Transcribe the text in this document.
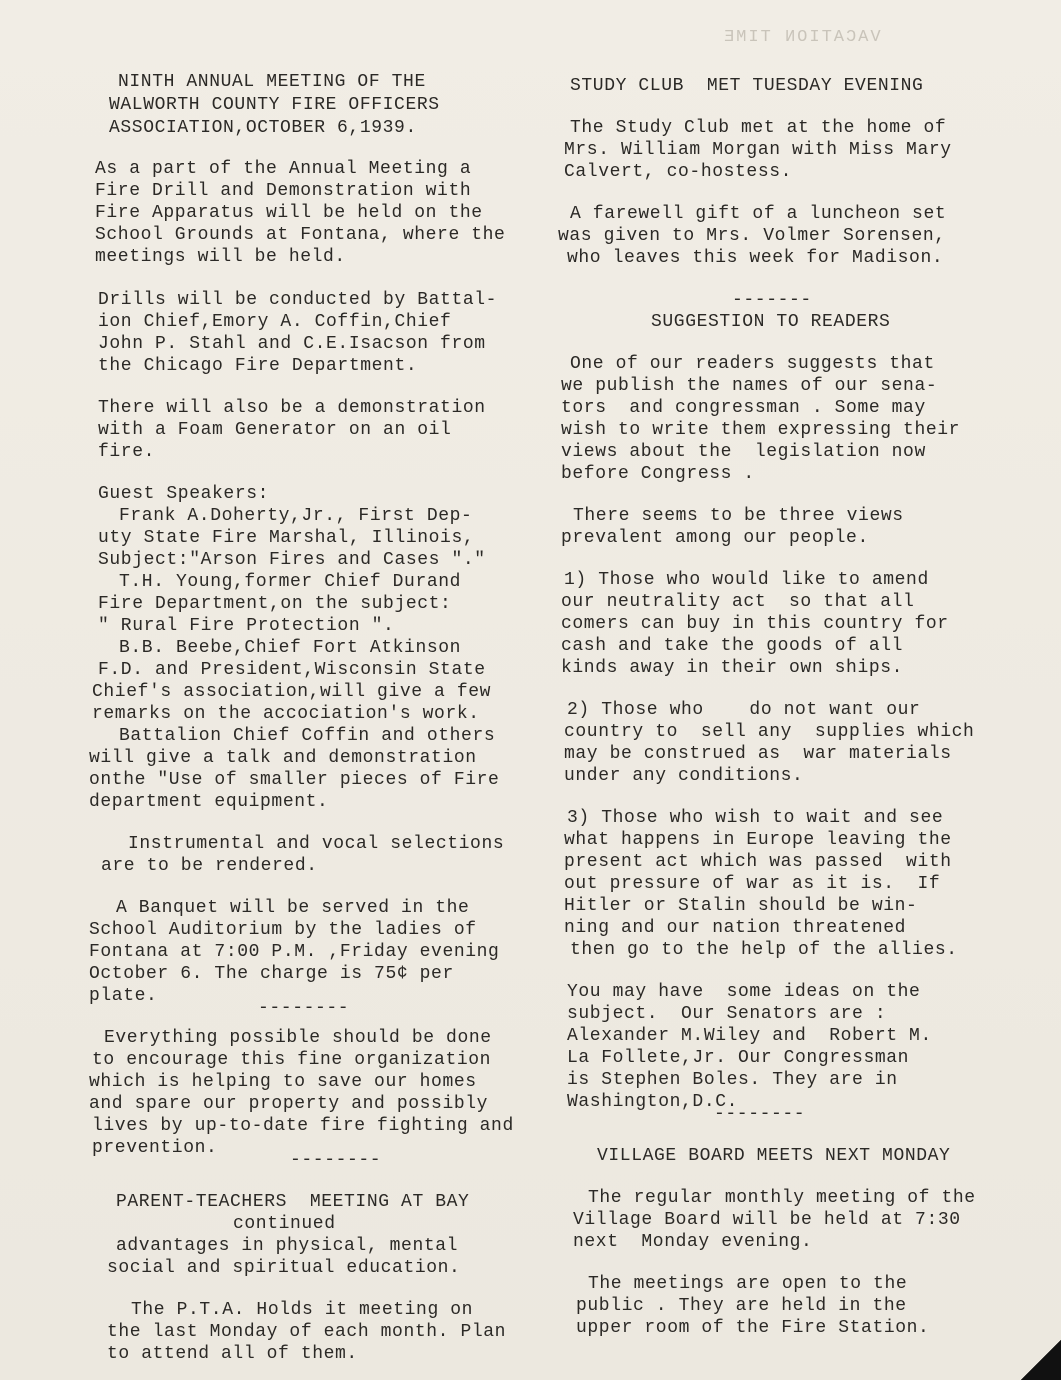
VACATION TIME
NINTH ANNUAL MEETING OF THE
WALWORTH COUNTY FIRE OFFICERS
ASSOCIATION,OCTOBER 6,1939.
As a part of the Annual Meeting a
Fire Drill and Demonstration with
Fire Apparatus will be held on the
School Grounds at Fontana, where the
meetings will be held.
Drills will be conducted by Battal-
ion Chief,Emory A. Coffin,Chief
John P. Stahl and C.E.Isacson from
the Chicago Fire Department.
There will also be a demonstration
with a Foam Generator on an oil
fire.
Guest Speakers:
Frank A.Doherty,Jr., First Dep-
uty State Fire Marshal, Illinois,
Subject:"Arson Fires and Cases "."
T.H. Young,former Chief Durand
Fire Department,on the subject:
" Rural Fire Protection ".
B.B. Beebe,Chief Fort Atkinson
F.D. and President,Wisconsin State
Chief's association,will give a few
remarks on the accociation's work.
Battalion Chief Coffin and others
will give a talk and demonstration
onthe "Use of smaller pieces of Fire
department equipment.
Instrumental and vocal selections
are to be rendered.
A Banquet will be served in the
School Auditorium by the ladies of
Fontana at 7:00 P.M. ,Friday evening
October 6. The charge is 75¢ per
plate.
--------
Everything possible should be done
to encourage this fine organization
which is helping to save our homes
and spare our property and possibly
lives by up-to-date fire fighting and
prevention.
--------
PARENT-TEACHERS  MEETING AT BAY
continued
advantages in physical, mental
social and spiritual education.
The P.T.A. Holds it meeting on
the last Monday of each month. Plan
to attend all of them.
STUDY CLUB  MET TUESDAY EVENING
The Study Club met at the home of
Mrs. William Morgan with Miss Mary
Calvert, co-hostess.
A farewell gift of a luncheon set
was given to Mrs. Volmer Sorensen,
who leaves this week for Madison.
-------
SUGGESTION TO READERS
One of our readers suggests that
we publish the names of our sena-
tors  and congressman . Some may
wish to write them expressing their
views about the  legislation now
before Congress .
There seems to be three views
prevalent among our people.
1) Those who would like to amend
our neutrality act  so that all
comers can buy in this country for
cash and take the goods of all
kinds away in their own ships.
2) Those who    do not want our
country to  sell any  supplies which
may be construed as  war materials
under any conditions.
3) Those who wish to wait and see
what happens in Europe leaving the
present act which was passed  with
out pressure of war as it is.  If
Hitler or Stalin should be win-
ning and our nation threatened
then go to the help of the allies.
You may have  some ideas on the
subject.  Our Senators are :
Alexander M.Wiley and  Robert M.
La Follete,Jr. Our Congressman
is Stephen Boles. They are in
Washington,D.C.
--------
VILLAGE BOARD MEETS NEXT MONDAY
The regular monthly meeting of the
Village Board will be held at 7:30
next  Monday evening.
The meetings are open to the
public . They are held in the
upper room of the Fire Station.
